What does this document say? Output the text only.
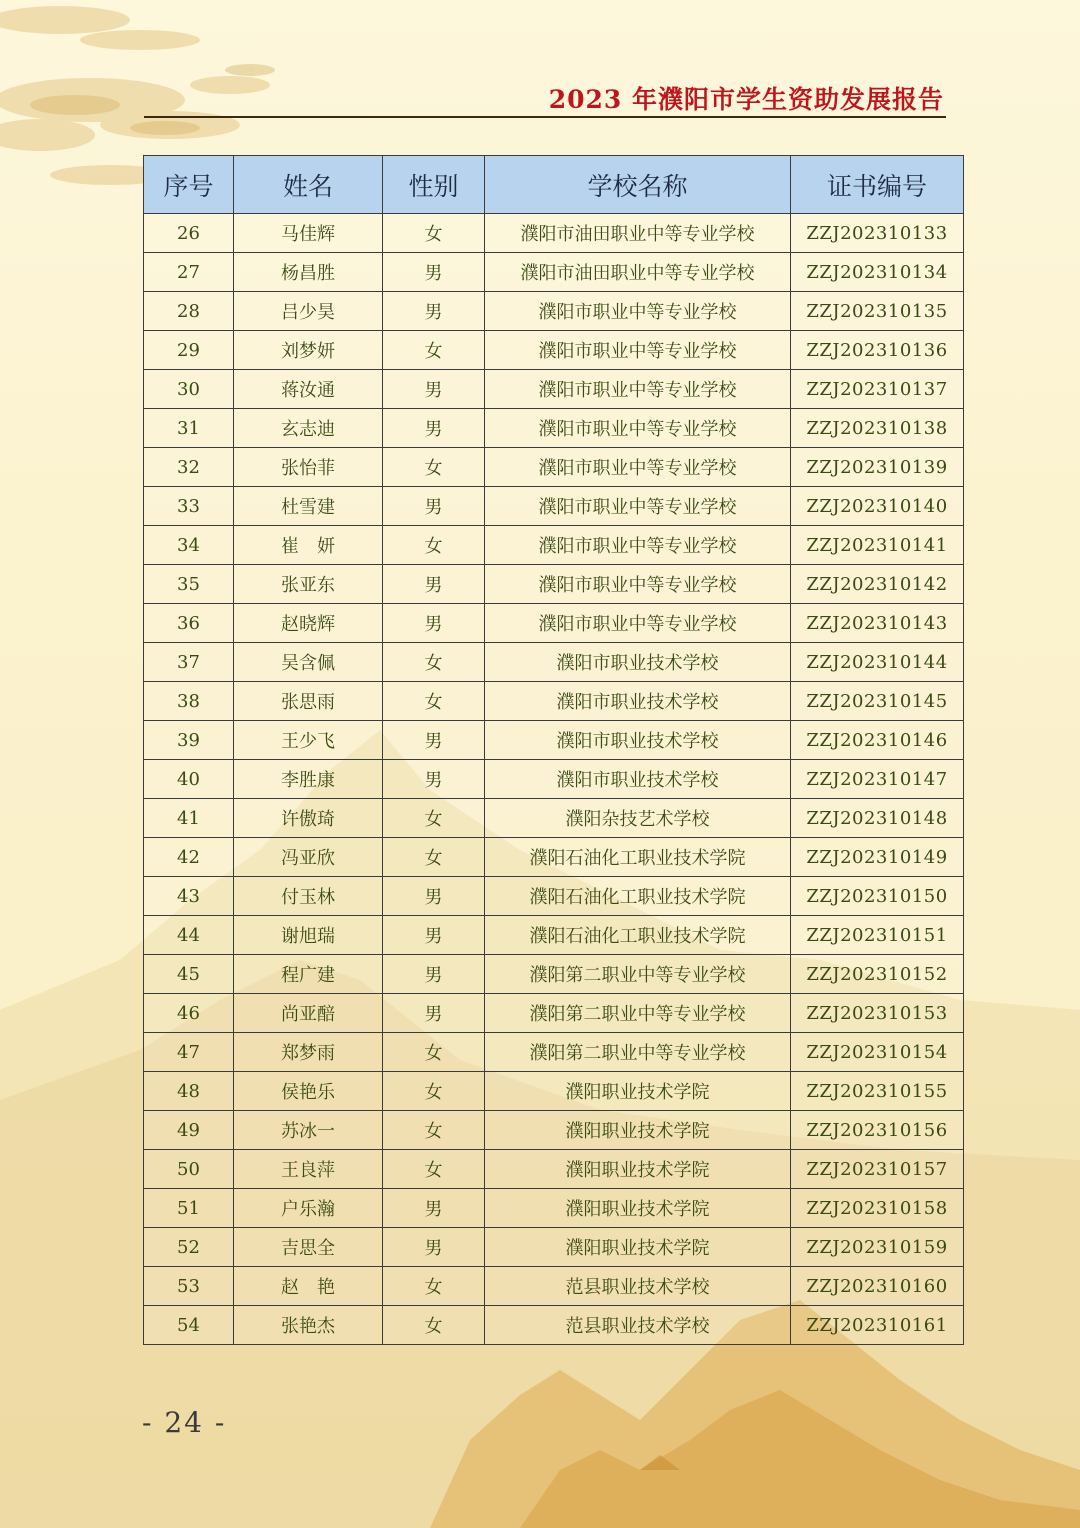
2023 年濮阳市学生资助发展报告
序号	姓名	性别	学校名称	证书编号
26	马佳辉	女	濮阳市油田职业中等专业学校	ZZJ202310133
27	杨昌胜	男	濮阳市油田职业中等专业学校	ZZJ202310134
28	吕少昊	男	濮阳市职业中等专业学校	ZZJ202310135
29	刘梦妍	女	濮阳市职业中等专业学校	ZZJ202310136
30	蒋汝通	男	濮阳市职业中等专业学校	ZZJ202310137
31	玄志迪	男	濮阳市职业中等专业学校	ZZJ202310138
32	张怡菲	女	濮阳市职业中等专业学校	ZZJ202310139
33	杜雪建	男	濮阳市职业中等专业学校	ZZJ202310140
34	崔　妍	女	濮阳市职业中等专业学校	ZZJ202310141
35	张亚东	男	濮阳市职业中等专业学校	ZZJ202310142
36	赵晓辉	男	濮阳市职业中等专业学校	ZZJ202310143
37	吴含佩	女	濮阳市职业技术学校	ZZJ202310144
38	张思雨	女	濮阳市职业技术学校	ZZJ202310145
39	王少飞	男	濮阳市职业技术学校	ZZJ202310146
40	李胜康	男	濮阳市职业技术学校	ZZJ202310147
41	许傲琦	女	濮阳杂技艺术学校	ZZJ202310148
42	冯亚欣	女	濮阳石油化工职业技术学院	ZZJ202310149
43	付玉林	男	濮阳石油化工职业技术学院	ZZJ202310150
44	谢旭瑞	男	濮阳石油化工职业技术学院	ZZJ202310151
45	程广建	男	濮阳第二职业中等专业学校	ZZJ202310152
46	尚亚醅	男	濮阳第二职业中等专业学校	ZZJ202310153
47	郑梦雨	女	濮阳第二职业中等专业学校	ZZJ202310154
48	侯艳乐	女	濮阳职业技术学院	ZZJ202310155
49	苏冰一	女	濮阳职业技术学院	ZZJ202310156
50	王良萍	女	濮阳职业技术学院	ZZJ202310157
51	户乐瀚	男	濮阳职业技术学院	ZZJ202310158
52	吉思全	男	濮阳职业技术学院	ZZJ202310159
53	赵　艳	女	范县职业技术学校	ZZJ202310160
54	张艳杰	女	范县职业技术学校	ZZJ202310161
- 24 -
